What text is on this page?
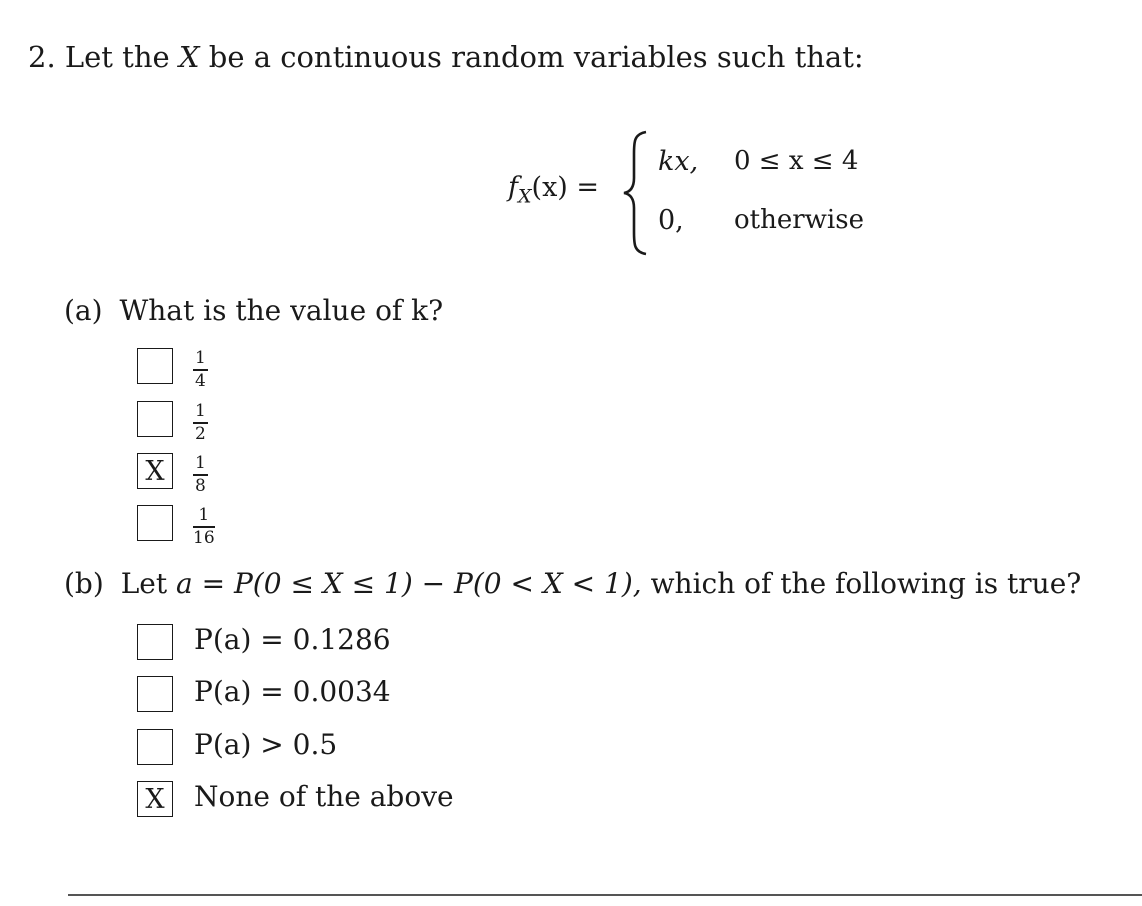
2. Let the X be a continuous random variables such that:
$f_X(x)$ =
kx, 0 ≤ x ≤ 4
0, otherwise
(a) What is the value of k?
1
4
1
2
X	1
8
1
16
(b) Let a = P(0 ≤ X ≤ 1) − P(0 < X < 1), which of the following is true?
P(a) = 0.1286
P(a) = 0.0034
P(a) > 0.5
X None of the above
